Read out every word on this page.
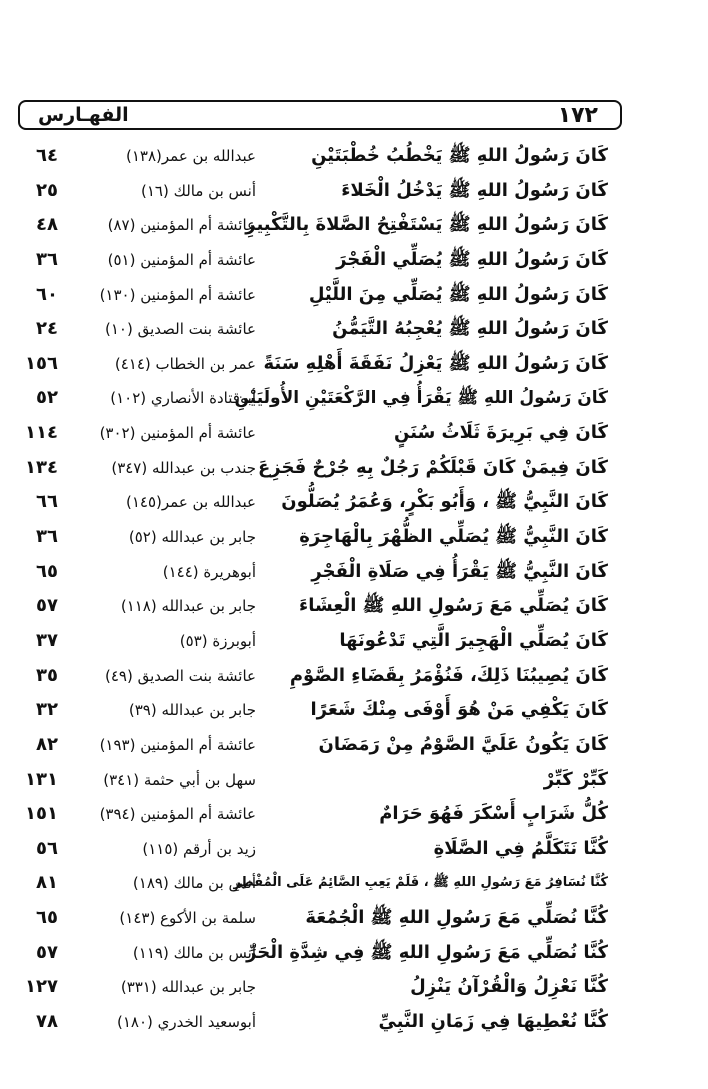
١٧٢
الفهـارس
كَانَ رَسُولُ اللهِ ﷺ يَخْطُبُ خُطْبَتَيْنِ
عبدالله بن عمر(١٣٨)
٦٤
كَانَ رَسُولُ اللهِ ﷺ يَدْخُلُ الْخَلاءَ
أنس بن مالك (١٦)
٢٥
كَانَ رَسُولُ اللهِ ﷺ يَسْتَفْتِحُ الصَّلاةَ بِالتَّكْبِيرِ
عائشة أم المؤمنين (٨٧)
٤٨
كَانَ رَسُولُ اللهِ ﷺ يُصَلِّي الْفَجْرَ
عائشة أم المؤمنين (٥١)
٣٦
كَانَ رَسُولُ اللهِ ﷺ يُصَلِّي مِنَ اللَّيْلِ
عائشة أم المؤمنين (١٣٠)
٦٠
كَانَ رَسُولُ اللهِ ﷺ يُعْجِبُهُ التَّيَمُّنُ
عائشة بنت الصديق (١٠)
٢٤
كَانَ رَسُولُ اللهِ ﷺ يَعْزِلُ نَفَقَةَ أَهْلِهِ سَنَةً
عمر بن الخطاب (٤١٤)
١٥٦
كَانَ رَسُولُ اللهِ ﷺ يَقْرَأُ فِي الرَّكْعَتَيْنِ الأُولَيَيْنِ
أبوقتادة الأنصاري (١٠٢)
٥٢
كَانَ فِي بَرِيرَةَ ثَلَاثُ سُنَنٍ
عائشة أم المؤمنين (٣٠٢)
١١٤
كَانَ فِيمَنْ كَانَ قَبْلَكُمْ رَجُلٌ بِهِ جُرْحٌ فَجَزِعَ
جندب بن عبدالله (٣٤٧)
١٣٤
كَانَ النَّبِيُّ ﷺ ، وَأَبُو بَكْرٍ، وَعُمَرُ يُصَلُّونَ
عبدالله بن عمر(١٤٥)
٦٦
كَانَ النَّبِيُّ ﷺ يُصَلِّي الظُّهْرَ بِالْهَاجِرَةِ
جابر بن عبدالله (٥٢)
٣٦
كَانَ النَّبِيُّ ﷺ يَقْرَأُ فِي صَلَاةِ الْفَجْرِ
أبوهريرة (١٤٤)
٦٥
كَانَ يُصَلِّي مَعَ رَسُولِ اللهِ ﷺ الْعِشَاءَ
جابر بن عبدالله (١١٨)
٥٧
كَانَ يُصَلِّي الْهَجِيرَ الَّتِي تَدْعُونَهَا
أبوبرزة (٥٣)
٣٧
كَانَ يُصِيبُنَا ذَلِكَ، فَنُؤْمَرُ بِقَضَاءِ الصَّوْمِ
عائشة بنت الصديق (٤٩)
٣٥
كَانَ يَكْفِي مَنْ هُوَ أَوْفَى مِنْكَ شَعَرًا
جابر بن عبدالله (٣٩)
٣٢
كَانَ يَكُونُ عَلَيَّ الصَّوْمُ مِنْ رَمَضَانَ
عائشة أم المؤمنين (١٩٣)
٨٢
كَبِّرْ كَبِّرْ
سهل بن أبي حثمة (٣٤١)
١٣١
كُلُّ شَرَابٍ أَسْكَرَ فَهُوَ حَرَامٌ
عائشة أم المؤمنين (٣٩٤)
١٥١
كُنَّا نَتَكَلَّمُ فِي الصَّلَاةِ
زيد بن أرقم (١١٥)
٥٦
كُنَّا نُسَافِرُ مَعَ رَسُولِ اللهِ ﷺ ، فَلَمْ يَعِبِ الصَّائِمُ عَلَى الْمُفْطِرِ
أنس بن مالك (١٨٩)
٨١
كُنَّا نُصَلِّي مَعَ رَسُولِ اللهِ ﷺ الْجُمُعَةَ
سلمة بن الأكوع (١٤٣)
٦٥
كُنَّا نُصَلِّي مَعَ رَسُولِ اللهِ ﷺ فِي شِدَّةِ الْحَرِّ
أنس بن مالك (١١٩)
٥٧
كُنَّا نَعْزِلُ وَالْقُرْآنُ يَنْزِلُ
جابر بن عبدالله (٣٣١)
١٢٧
كُنَّا نُعْطِيهَا فِي زَمَانِ النَّبِيِّ
أبوسعيد الخدري (١٨٠)
٧٨
